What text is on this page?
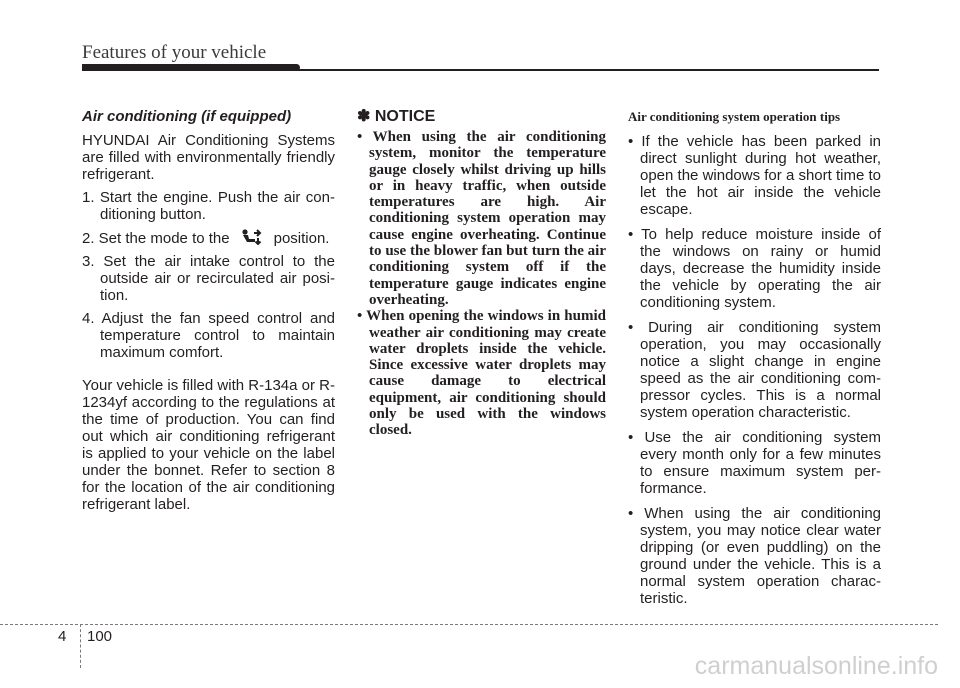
Features of your vehicle

Air conditioning (if equipped)

HYUNDAI Air Conditioning Systems are filled with environmentally friendly refrigerant.

1. Start the engine. Push the air conditioning button.
2. Set the mode to the	position.
3. Set the air intake control to the outside air or recirculated air position.
4. Adjust the fan speed control and temperature control to maintain maximum comfort.

Your vehicle is filled with R-134a or R-1234yf according to the regulations at the time of production. You can find out which air conditioning refrigerant is applied to your vehicle on the label under the bonnet. Refer to section 8 for the location of the air conditioning refrigerant label.

✽ NOTICE

• When using the air conditioning system, monitor the temperature gauge closely whilst driving up hills or in heavy traffic, when outside temperatures are high. Air conditioning system operation may cause engine overheating. Continue to use the blower fan but turn the air conditioning system off if the temperature gauge indicates engine overheating.
• When opening the windows in humid weather air conditioning may create water droplets inside the vehicle. Since excessive water droplets may cause damage to electrical equipment, air conditioning should only be used with the windows closed.

Air conditioning system operation tips

• If the vehicle has been parked in direct sunlight during hot weather, open the windows for a short time to let the hot air inside the vehicle escape.
• To help reduce moisture inside of the windows on rainy or humid days, decrease the humidity inside the vehicle by operating the air conditioning system.
• During air conditioning system operation, you may occasionally notice a slight change in engine speed as the air conditioning compressor cycles. This is a normal system operation characteristic.
• Use the air conditioning system every month only for a few minutes to ensure maximum system performance.
• When using the air conditioning system, you may notice clear water dripping (or even puddling) on the ground under the vehicle. This is a normal system operation characteristic.
4 100
carmanualsonline.info
